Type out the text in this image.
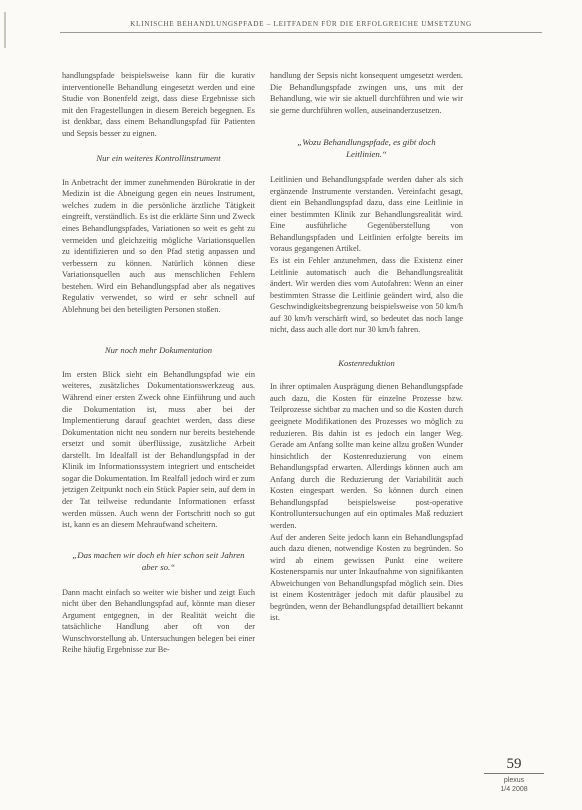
KLINISCHE BEHANDLUNGSPFADE – LEITFADEN FÜR DIE ERFOLGREICHE UMSETZUNG

handlungspfade beispielsweise kann für die kurativ interventionelle Behandlung eingesetzt werden und eine Studie von Bonenfeld zeigt, dass diese Ergebnisse sich mit den Fragestellungen in diesem Bereich begegnen. Es ist denkbar, dass einem Behandlungspfad für Patienten und Sepsis besser zu eignen.

Nur ein weiteres Kontrollinstrument

In Anbetracht der immer zunehmenden Bürokratie in der Medizin ist die Abneigung gegen ein neues Instrument, welches zudem in die persönliche ärztliche Tätigkeit eingreift, verständlich. Es ist die erklärte Sinn und Zweck eines Behandlungspfades, Variationen so weit es geht zu vermeiden und gleichzeitig mögliche Variationsquellen zu identifizieren und so den Pfad stetig anpassen und verbessern zu können. Natürlich können diese Variationsquellen auch aus menschlichen Fehlern bestehen. Wird ein Behandlungspfad aber als negatives Regulativ verwendet, so wird er sehr schnell auf Ablehnung bei den beteiligten Personen stoßen.

Nur noch mehr Dokumentation

Im ersten Blick sieht ein Behandlungspfad wie ein weiteres, zusätzliches Dokumentationswerkzeug aus. Während einer ersten Zweck ohne Einführung und auch die Dokumentation ist, muss aber bei der Implementierung darauf geachtet werden, dass diese Dokumentation nicht neu sondern nur bereits bestehende ersetzt und somit überflüssige, zusätzliche Arbeit darstellt. Im Idealfall ist der Behandlungspfad in der Klinik im Informationssystem integriert und entscheidet sogar die Dokumentation. Im Realfall jedoch wird er zum jetzigen Zeitpunkt noch ein Stück Papier sein, auf dem in der Tat teilweise redundante Informationen erfasst werden müssen. Auch wenn der Fortschritt noch so gut ist, kann es an diesem Mehraufwand scheitern.

„Das machen wir doch eh hier schon seit Jahren aber so.“

Dann macht einfach so weiter wie bisher und zeigt Euch nicht über den Behandlungspfad auf, könnte man dieser Argument entgegnen, in der Realität weicht die tatsächliche Handlung aber oft von der Wunschvorstellung ab. Untersuchungen belegen bei einer Reihe häufig Ergebnisse zur Be-

handlung der Sepsis nicht konsequent umgesetzt werden. Die Behandlungspfade zwingen uns, uns mit der Behandlung, wie wir sie aktuell durchführen und wie wir sie gerne durchführen wollen, auseinanderzusetzen.

„Wozu Behandlungspfade, es gibt doch Leitlinien.“

Leitlinien und Behandlungspfade werden daher als sich ergänzende Instrumente verstanden. Vereinfacht gesagt, dient ein Behandlungspfad dazu, dass eine Leitlinie in einer bestimmten Klinik zur Behandlungsrealität wird. Eine ausführliche Gegenüberstellung von Behandlungspfaden und Leitlinien erfolgte bereits im voraus gegangenen Artikel.

Es ist ein Fehler anzunehmen, dass die Existenz einer Leitlinie automatisch auch die Behandlungsrealität ändert. Wir werden dies vom Autofahren: Wenn an einer bestimmten Strasse die Leitlinie geändert wird, also die Geschwindigkeitsbegrenzung beispielsweise von 50 km/h auf 30 km/h verschärft wird, so bedeutet das noch lange nicht, dass auch alle dort nur 30 km/h fahren.

Kostenreduktion

In ihrer optimalen Ausprägung dienen Behandlungspfade auch dazu, die Kosten für einzelne Prozesse bzw. Teilprozesse sichtbar zu machen und so die Kosten durch geeignete Modifikationen des Prozesses wo möglich zu reduzieren. Bis dahin ist es jedoch ein langer Weg. Gerade am Anfang sollte man keine allzu großen Wunder hinsichtlich der Kostenreduzierung von einem Behandlungspfad erwarten. Allerdings können auch am Anfang durch die Reduzierung der Variabilität auch Kosten eingespart werden. So können durch einen Behandlungspfad beispielsweise post-operative Kontrolluntersuchungen auf ein optimales Maß reduziert werden.

Auf der anderen Seite jedoch kann ein Behandlungspfad auch dazu dienen, notwendige Kosten zu begründen. So wird ab einem gewissen Punkt eine weitere Kostenersparnis nur unter Inkaufnahme von signifikanten Abweichungen von Behandlungspfad möglich sein. Dies ist einem Kostenträger jedoch mit dafür plausibel zu begründen, wenn der Behandlungspfad detailliert bekannt ist.

59
plexus
1/4 2008
